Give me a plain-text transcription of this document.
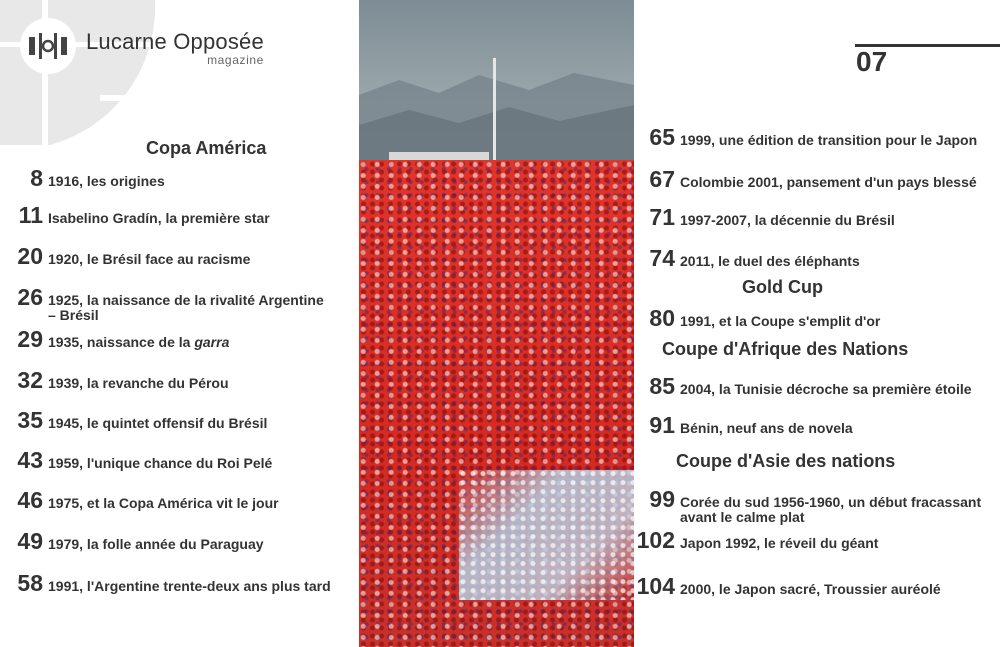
Lucarne Opposée
magazine	07
Copa América
8 1916, les origines
11 Isabelino Gradín, la première star
20 1920, le Brésil face au racisme
26 1925, la naissance de la rivalité Argentine – Brésil
29 1935, naissance de la garra
32 1939, la revanche du Pérou
35 1945, le quintet offensif du Brésil
43 1959, l'unique chance du Roi Pelé
46 1975, et la Copa América vit le jour
49 1979, la folle année du Paraguay
58 1991, l'Argentine trente-deux ans plus tard
65 1999, une édition de transition pour le Japon
67 Colombie 2001, pansement d'un pays blessé
71 1997-2007, la décennie du Brésil
74 2011, le duel des éléphants
Gold Cup
80 1991, et la Coupe s'emplit d'or
Coupe d'Afrique des Nations
85 2004, la Tunisie décroche sa première étoile
91 Bénin, neuf ans de novela
Coupe d'Asie des nations
99 Corée du sud 1956-1960, un début fracassant avant le calme plat
102 Japon 1992, le réveil du géant
104 2000, le Japon sacré, Troussier auréolé
